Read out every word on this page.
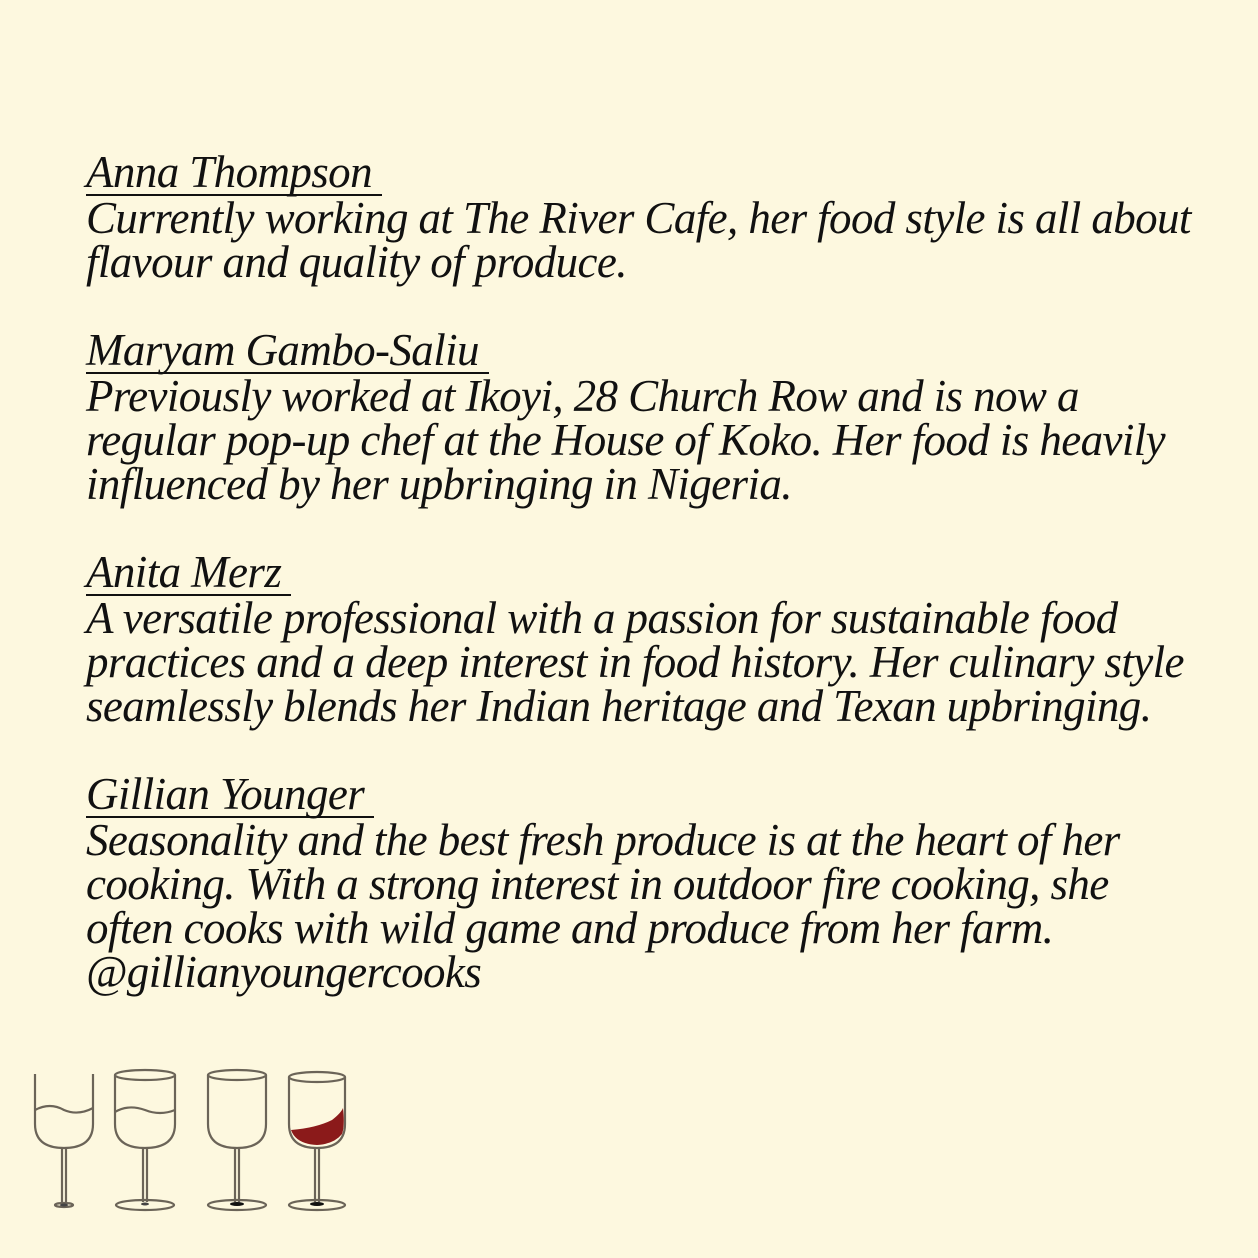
Anna Thompson

Currently working at The River Cafe, her food style is all about flavour and quality of produce.

Maryam Gambo-Saliu

Previously worked at Ikoyi, 28 Church Row and is now a regular pop-up chef at the House of Koko. Her food is heavily influenced by her upbringing in Nigeria.

Anita Merz

A versatile professional with a passion for sustainable food practices and a deep interest in food history. Her culinary style seamlessly blends her Indian heritage and Texan upbringing.

Gillian Younger

Seasonality and the best fresh produce is at the heart of her cooking. With a strong interest in outdoor fire cooking, she often cooks with wild game and produce from her farm. @gillianyoungercooks
